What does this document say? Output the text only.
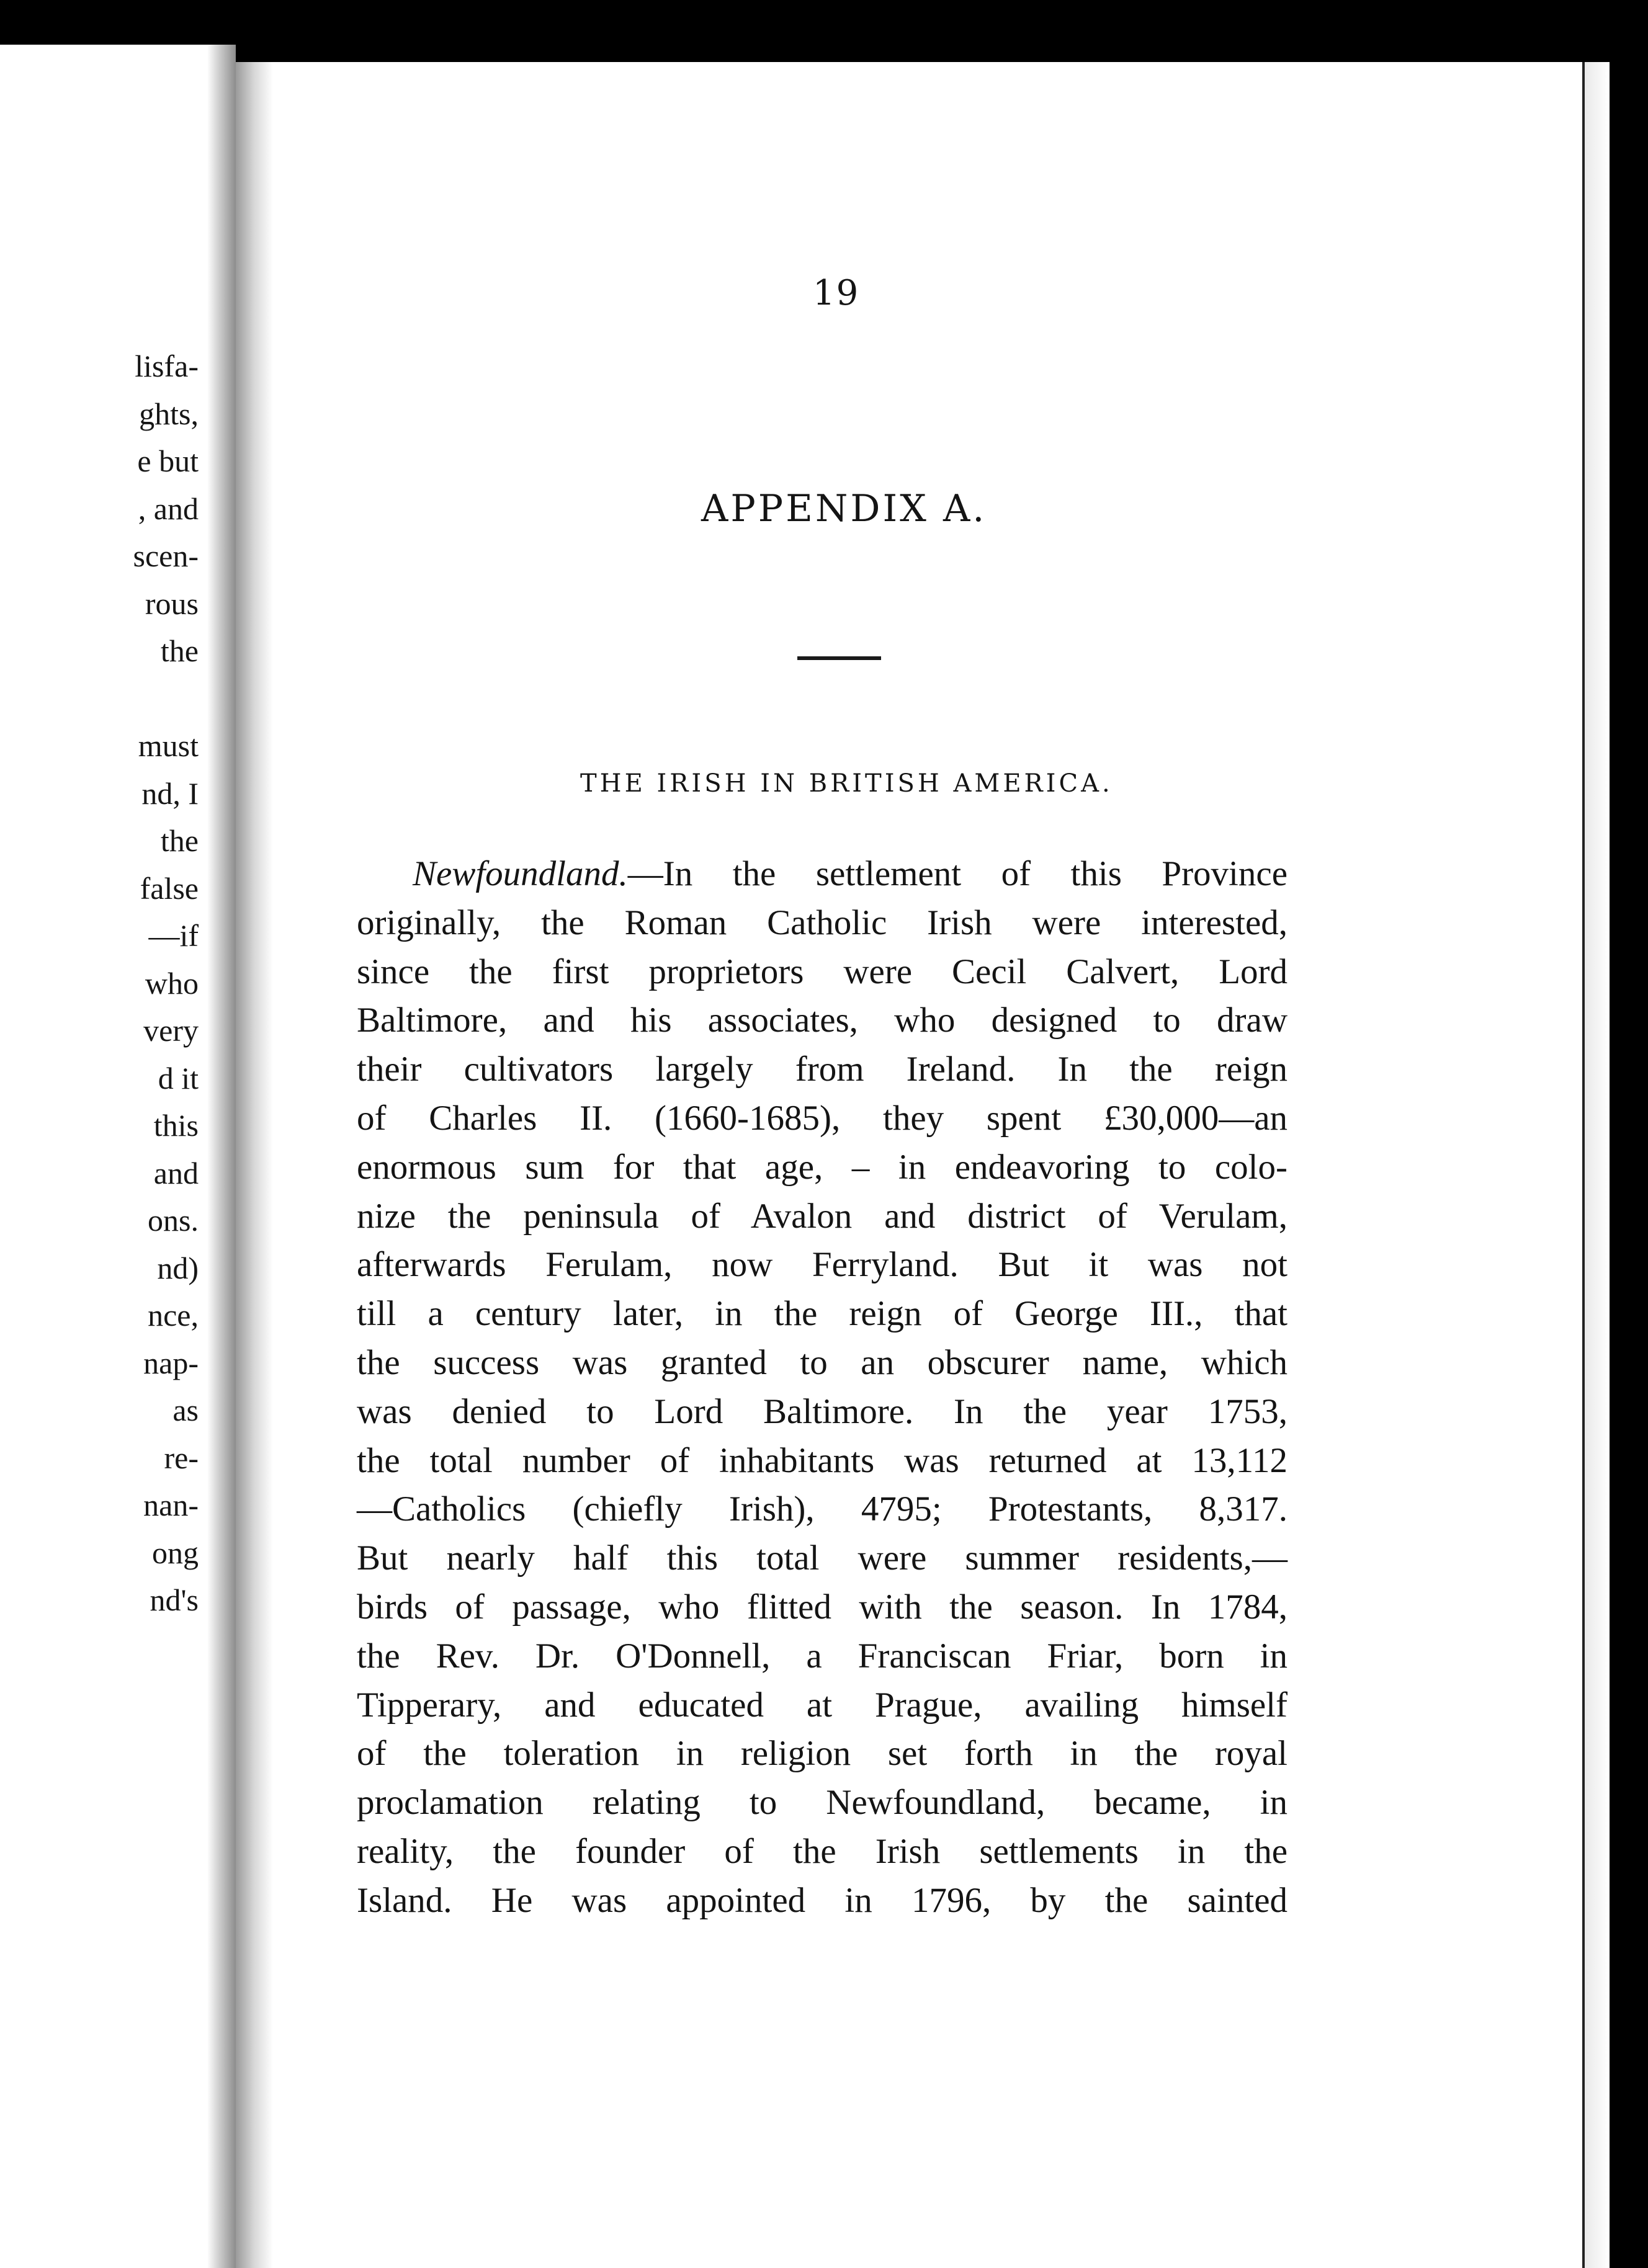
lisfa-
ghts,
e but
, and
scen-
rous
the
must
nd, I
the
false
—if
who
very
d it
this
and
ons.
nd)
nce,
nap-
as
re-
nan-
ong
nd's
19
APPENDIX A.
THE IRISH IN BRITISH AMERICA.
Newfoundland.—In the settlement of this Province
originally, the Roman Catholic Irish were interested,
since the first proprietors were Cecil Calvert, Lord
Baltimore, and his associates, who designed to draw
their cultivators largely from Ireland. In the reign
of Charles II. (1660-1685), they spent £30,000—an
enormous sum for that age, – in endeavoring to colo-
nize the peninsula of Avalon and district of Verulam,
afterwards Ferulam, now Ferryland. But it was not
till a century later, in the reign of George III., that
the success was granted to an obscurer name, which
was denied to Lord Baltimore. In the year 1753,
the total number of inhabitants was returned at 13,112
—Catholics (chiefly Irish), 4795; Protestants, 8,317.
But nearly half this total were summer residents,—
birds of passage, who flitted with the season. In 1784,
the Rev. Dr. O'Donnell, a Franciscan Friar, born in
Tipperary, and educated at Prague, availing himself
of the toleration in religion set forth in the royal
proclamation relating to Newfoundland, became, in
reality, the founder of the Irish settlements in the
Island. He was appointed in 1796, by the sainted
